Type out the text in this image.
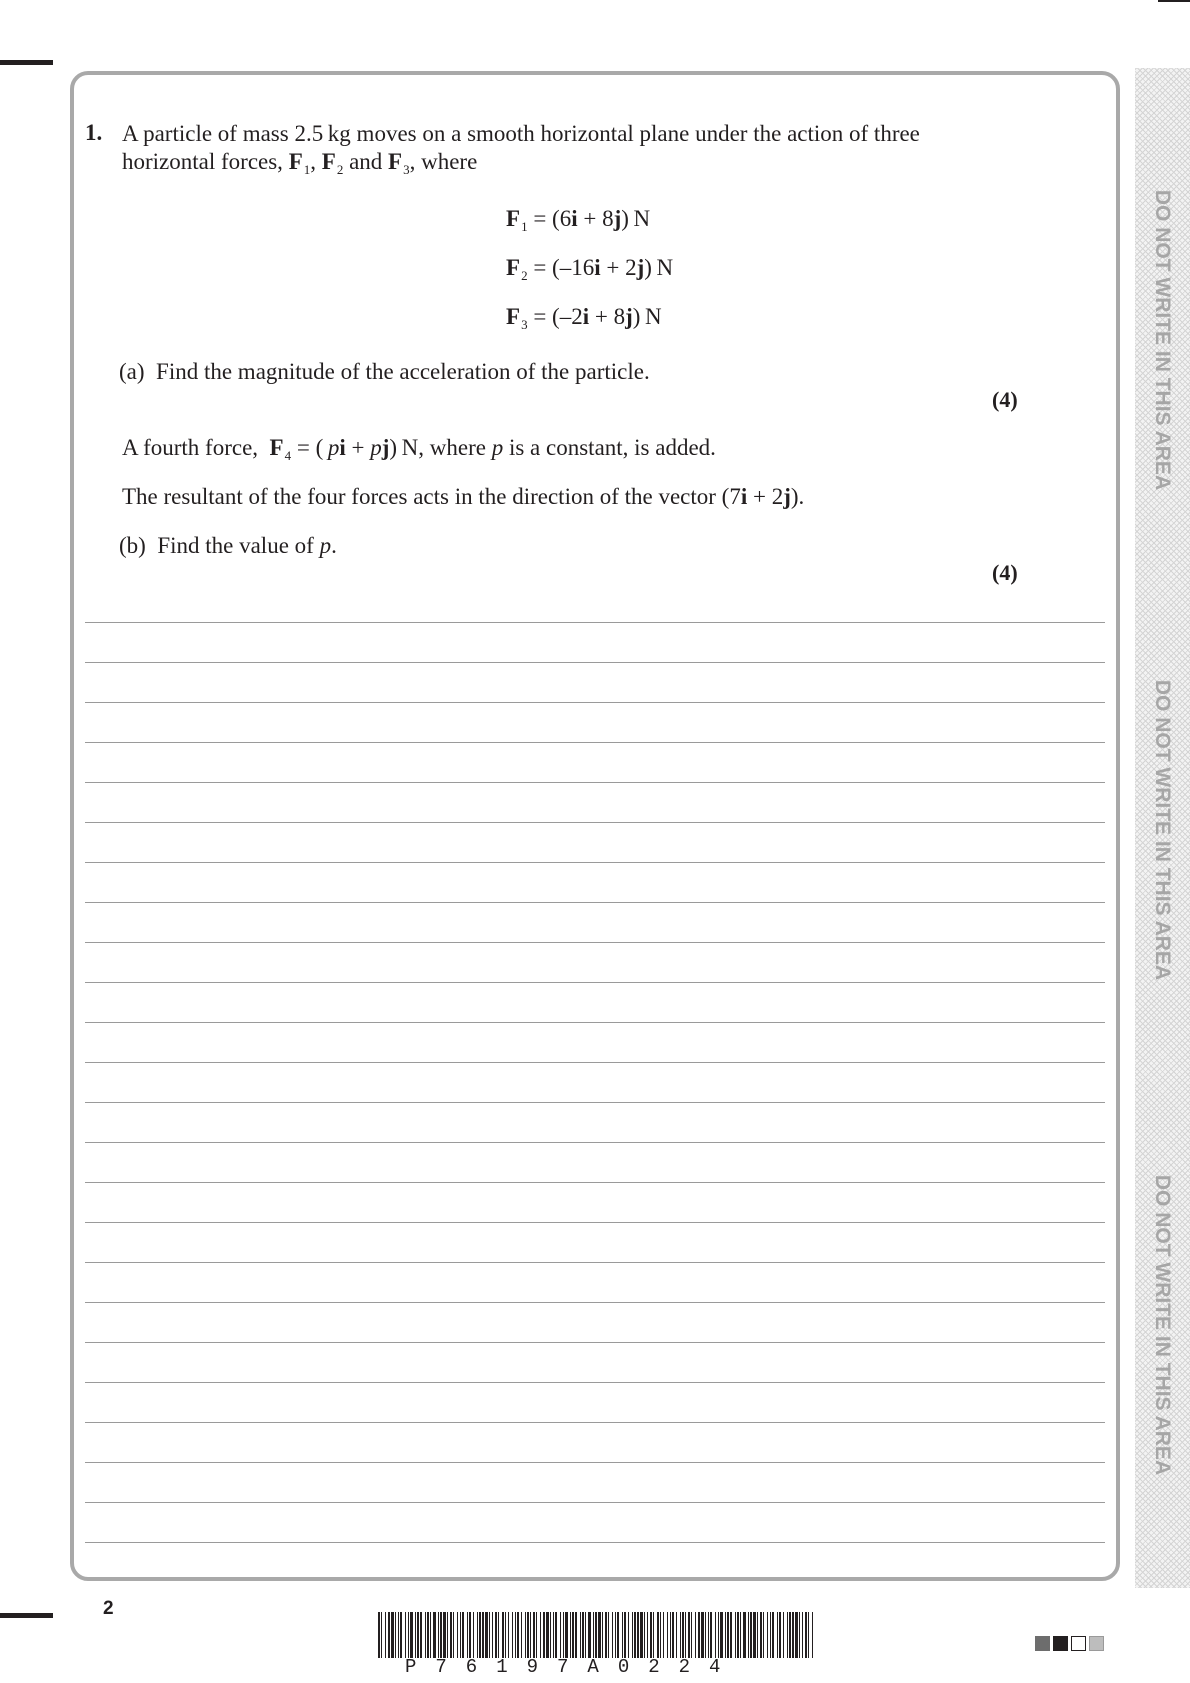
1. A particle of mass 2.5 kg moves on a smooth horizontal plane under the action of three
horizontal forces, $F_1$, $F_2$ and $F_3$, where
$F_1 = (6i + 8j)$ N
$F_2 = (-16i + 2j)$ N
$F_3 = (-2i + 8j)$ N
(a)  Find the magnitude of the acceleration of the particle.
(4)
A fourth force,  $F_4$ = ( pi + pj) N, where p is a constant, is added.
The resultant of the four forces acts in the direction of the vector (7i + 2j).
(b)  Find the value of p.
(4)
DO NOT WRITE IN THIS AREA
DO NOT WRITE IN THIS AREA
DO NOT WRITE IN THIS AREA
2
P76197A0224
